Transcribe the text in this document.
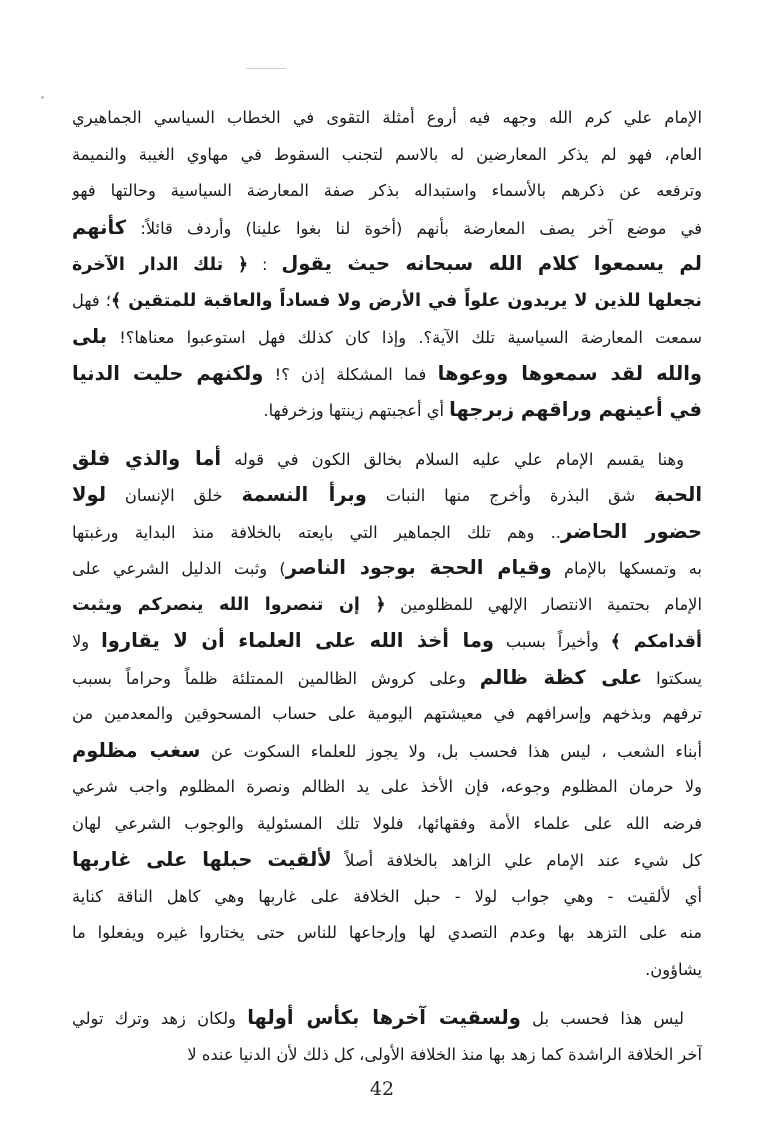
الإمام علي كرم الله وجهه فيه أروع أمثلة التقوى في الخطاب السياسي الجماهيري
العام، فهو لم يذكر المعارضين له بالاسم لتجنب السقوط في مهاوي الغيبة والنميمة
وترفعه عن ذكرهم بالأسماء واستبداله بذكر صفة المعارضة السياسية وحالتها فهو
في موضع آخر يصف المعارضة بأنهم (أخوة لنا بغوا علينا) وأردف قائلاً: كأنهم
لم يسمعوا كلام الله سبحانه حيث يقول : ﴿ تلك الدار الآخرة
نجعلها للذين لا يريدون علواً في الأرض ولا فساداً والعاقبة للمتقين ﴾؛ فهل
سمعت المعارضة السياسية تلك الآية؟. وإذا كان كذلك فهل استوعبوا معناها؟! بلى
والله لقد سمعوها ووعوها فما المشكلة إذن ؟! ولكنهم حليت الدنيا
في أعينهم وراقهم زبرجها أي أعجبتهم زينتها وزخرفها.
وهنا يقسم الإمام علي عليه السلام بخالق الكون في قوله أما والذي فلق
الحبة شق البذرة وأخرج منها النبات وبرأ النسمة خلق الإنسان لولا
حضور الحاضر.. وهم تلك الجماهير التي بايعته بالخلافة منذ البداية ورغبتها
به وتمسكها بالإمام وقيام الحجة بوجود الناصر) وثبت الدليل الشرعي على
الإمام بحتمية الانتصار الإلهي للمظلومين ﴿ إن تنصروا الله ينصركم ويثبت
أقدامكم ﴾ وأخيراً بسبب وما أخذ الله على العلماء أن لا يقاروا ولا
يسكتوا على كظة ظالم وعلى كروش الظالمين الممتلئة ظلماً وحراماً بسبب
ترفهم وبذخهم وإسرافهم في معيشتهم اليومية على حساب المسحوقين والمعدمين من
أبناء الشعب ، ليس هذا فحسب بل، ولا يجوز للعلماء السكوت عن سغب مظلوم
ولا حرمان المظلوم وجوعه، فإن الأخذ على يد الظالم ونصرة المظلوم واجب شرعي
فرضه الله على علماء الأمة وفقهائها، فلولا تلك المسئولية والوجوب الشرعي لهان
كل شيء عند الإمام علي الزاهد بالخلافة أصلاً لألقيت حبلها على غاربها
أي لألقيت - وهي جواب لولا - حبل الخلافة على غاربها وهي كاهل الناقة كناية
منه على التزهد بها وعدم التصدي لها وإرجاعها للناس حتى يختاروا غيره ويفعلوا ما
يشاؤون.
ليس هذا فحسب بل ولسقيت آخرها بكأس أولها ولكان زهد وترك تولي
آخر الخلافة الراشدة كما زهد بها منذ الخلافة الأولى، كل ذلك لأن الدنيا عنده لا
42
